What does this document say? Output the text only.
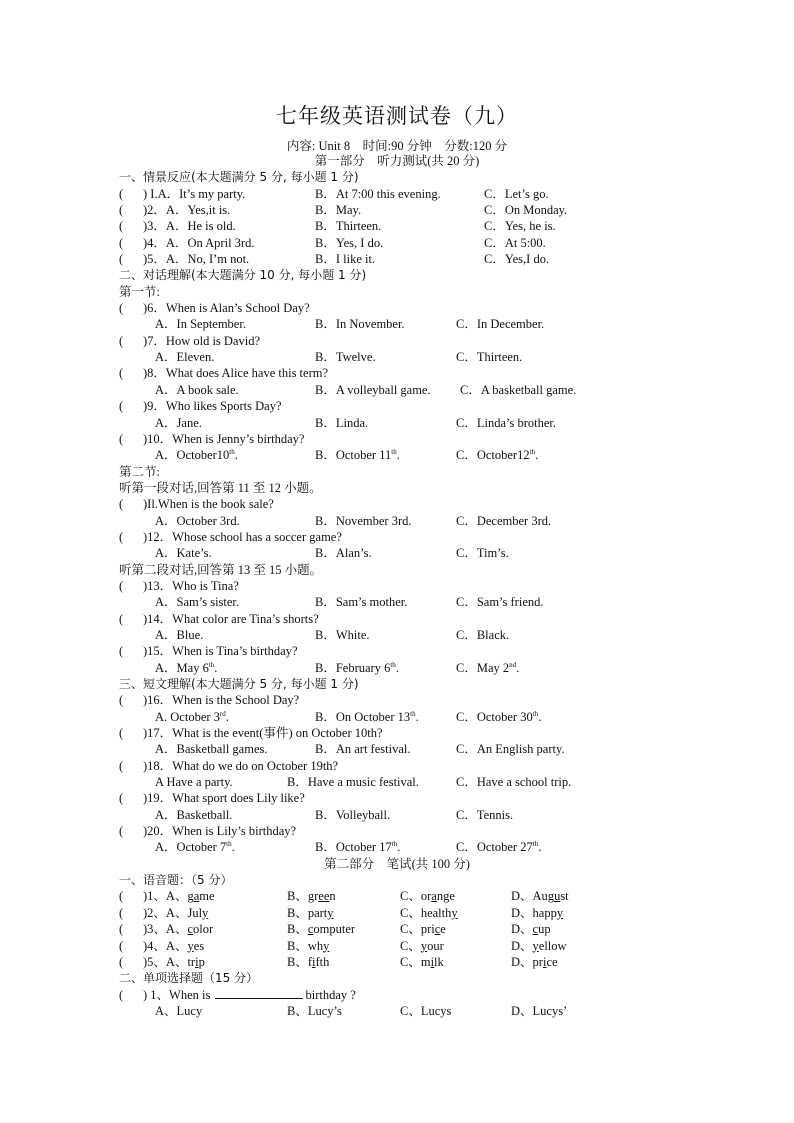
七年级英语测试卷（九）
内容: Unit 8　时间:90 分钟　分数:120 分
第一部分　听力测试(共 20 分)
一、情景反应(本大题满分 5 分, 每小题 1 分)
( ) I.A．It’s my party.	B．At 7:00 this evening.	C．Let’s go.
( )2．A．Yes,it is.	B．May.	C．On Monday.
( )3．A．He is old.	B．Thirteen.	C．Yes, he is.
( )4．A．On April 3rd.	B．Yes, I do.	C．At 5:00.
( )5．A．No, I’m not.	B．I like it.	C．Yes,I do.
二、对话理解(本大题满分 10 分, 每小题 1 分)
第一节:
( )6．When is Alan’s School Day?
A．In September.	B．In November.	C．In December.
( )7．How old is David?
A．Eleven.	B．Twelve.	C．Thirteen.
( )8．What does Alice have this term?
A．A book sale.	B．A volleyball game. C．A basketball game.
( )9．Who likes Sports Day?
A．Jane.	B．Linda.	C．Linda’s brother.
( )10．When is Jenny’s birthday?
A．October10th.	B．October 11th.	C．October12th.
第二节:
听第一段对话,回答第 11 至 12 小题。
( )Il.When is the book sale?
A．October 3rd.	B．November 3rd.	C．December 3rd.
( )12．Whose school has a soccer game?
A．Kate’s.	B．Alan’s.	C．Tim’s.
听第二段对话,回答第 13 至 15 小题。
( )13．Who is Tina?
A．Sam’s sister.	B．Sam’s mother.	C．Sam’s friend.
( )14．What color are Tina’s shorts?
A．Blue.	B．White.	C．Black.
( )15．When is Tina’s birthday?
A．May 6th.	B．February 6th.	C．May 2nd.
三、短文理解(本大题满分 5 分, 每小题 1 分)
( )16．When is the School Day?
A. October 3rd.	B．On October 13th.	C．October 30th.
( )17．What is the event(事件) on October 10th?
A．Basketball games.	B．An art festival.	C．An English party.
( )18．What do we do on October 19th?
A Have a party.	B．Have a music festival.	C．Have a school trip.
( )19．What sport does Lily like?
A．Basketball.	B．Volleyball.	C．Tennis.
( )20．When is Lily’s birthday?
A．October 7th.	B．October 17th.	C．October 27th.
第二部分　笔试(共 100 分)
一、语音题：（5 分）
( )1、A、game	B、green	C、orange	D、August
( )2、A、July	B、party	C、healthy	D、happy
( )3、A、color	B、computer	C、price	D、cup
( )4、A、yes	B、why	C、your	D、yellow
( )5、A、trip	B、fifth	C、milk	D、price
二、单项选择题（15 分）
( ) 1、When is	birthday ?
A、Lucy	B、Lucy’s	C、Lucys	D、Lucys’
